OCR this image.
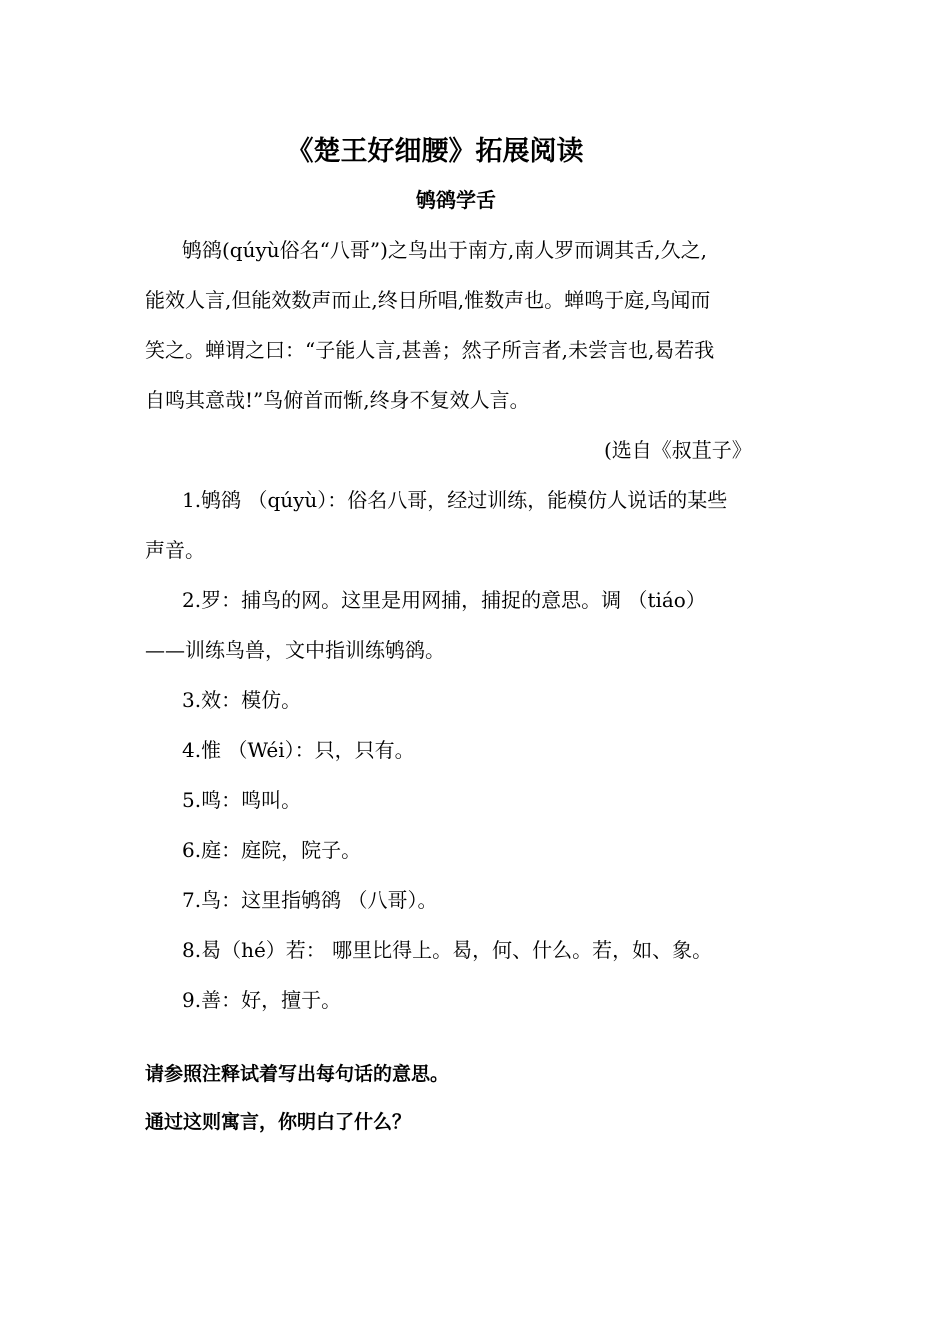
《楚王好细腰》拓展阅读
鸲鹆学舌
鸲鹆(qúyù俗名“八哥”)之鸟出于南方,南人罗而调其舌,久之,
能效人言,但能效数声而止,终日所唱,惟数声也。蝉鸣于庭,鸟闻而
笑之。蝉谓之曰：“子能人言,甚善；然子所言者,未尝言也,曷若我
自鸣其意哉!”鸟俯首而惭,终身不复效人言。
(选自《叔苴子》
1.鸲鹆 （qúyù）：俗名八哥，经过训练，能模仿人说话的某些
声音。
2.罗：捕鸟的网。这里是用网捕，捕捉的意思。调 （tiáo）
——训练鸟兽，文中指训练鸲鹆。
3.效：模仿。
4.惟 （Wéi）：只，只有。
5.鸣：鸣叫。
6.庭：庭院，院子。
7.鸟：这里指鸲鹆 （八哥）。
8.曷（hé）若： 哪里比得上。曷，何、什么。若，如、象。
9.善：好，擅于。
请参照注释试着写出每句话的意思。
通过这则寓言，你明白了什么？
